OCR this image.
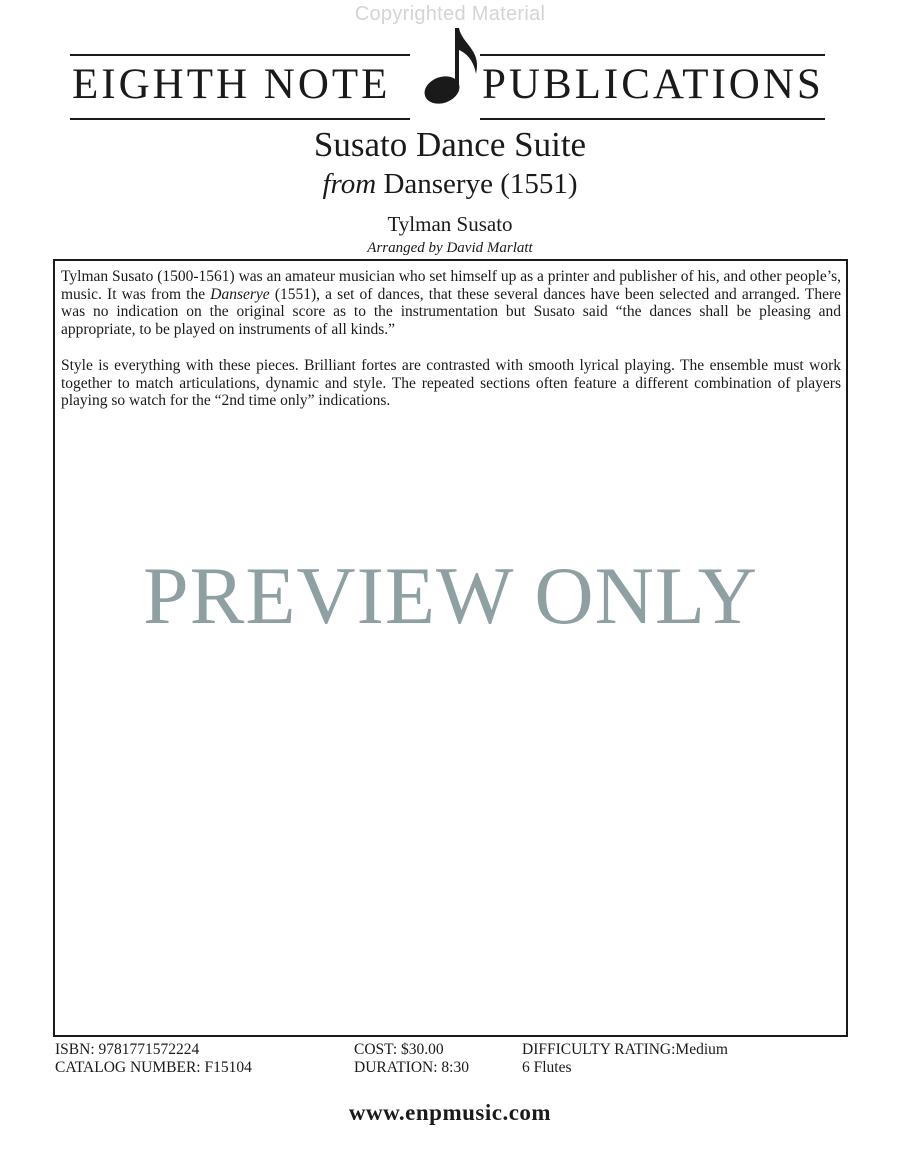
Copyrighted Material
EIGHTH NOTE PUBLICATIONS
Susato Dance Suite
from Danserye (1551)
Tylman Susato
Arranged by David Marlatt

Tylman Susato (1500-1561) was an amateur musician who set himself up as a printer and publisher of his, and other people’s, music. It was from the Danserye (1551), a set of dances, that these several dances have been selected and arranged. There was no indication on the original score as to the instrumentation but Susato said “the dances shall be pleasing and appropriate, to be played on instruments of all kinds.”

Style is everything with these pieces. Brilliant fortes are contrasted with smooth lyrical playing. The ensemble must work together to match articulations, dynamic and style. The repeated sections often feature a different combination of players playing so watch for the “2nd time only” indications.

PREVIEW ONLY
ISBN: 9781771572224
CATALOG NUMBER: F15104
COST: $30.00
DURATION: 8:30
DIFFICULTY RATING:Medium
6 Flutes
www.enpmusic.com
